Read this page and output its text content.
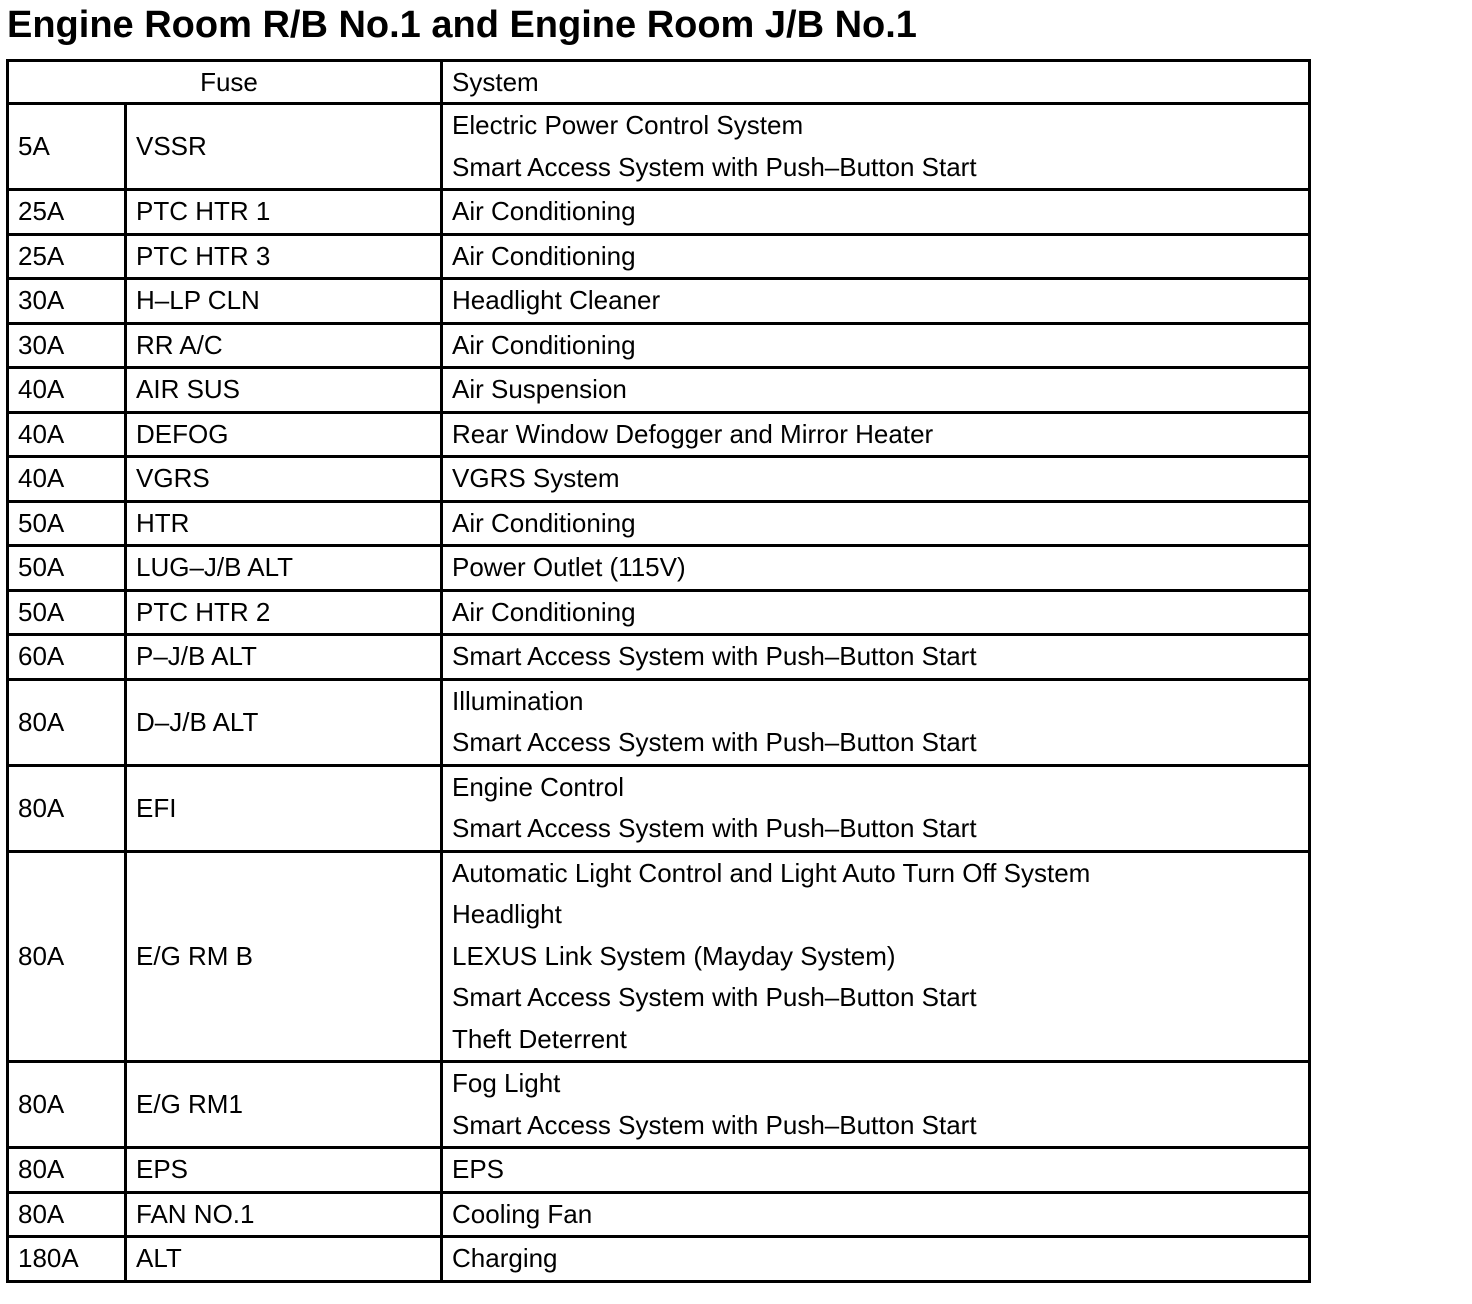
Engine Room R/B No.1 and Engine Room J/B No.1
Fuse		System
5A	VSSR	Electric Power Control System
Smart Access System with Push–Button Start

25A	PTC HTR 1	Air Conditioning

25A	PTC HTR 3	Air Conditioning

30A	H–LP CLN	Headlight Cleaner

30A	RR A/C	Air Conditioning

40A	AIR SUS	Air Suspension

40A	DEFOG	Rear Window Defogger and Mirror Heater

40A	VGRS	VGRS System

50A	HTR	Air Conditioning

50A	LUG–J/B ALT	Power Outlet (115V)

50A	PTC HTR 2	Air Conditioning

60A	P–J/B ALT	Smart Access System with Push–Button Start

80A	D–J/B ALT	Illumination
Smart Access System with Push–Button Start

80A	EFI	Engine Control
Smart Access System with Push–Button Start

80A	E/G RM B	Automatic Light Control and Light Auto Turn Off System
Headlight
LEXUS Link System (Mayday System)
Smart Access System with Push–Button Start
Theft Deterrent

80A	E/G RM1	Fog Light
Smart Access System with Push–Button Start

80A	EPS	EPS

80A	FAN NO.1	Cooling Fan

180A	ALT	Charging
